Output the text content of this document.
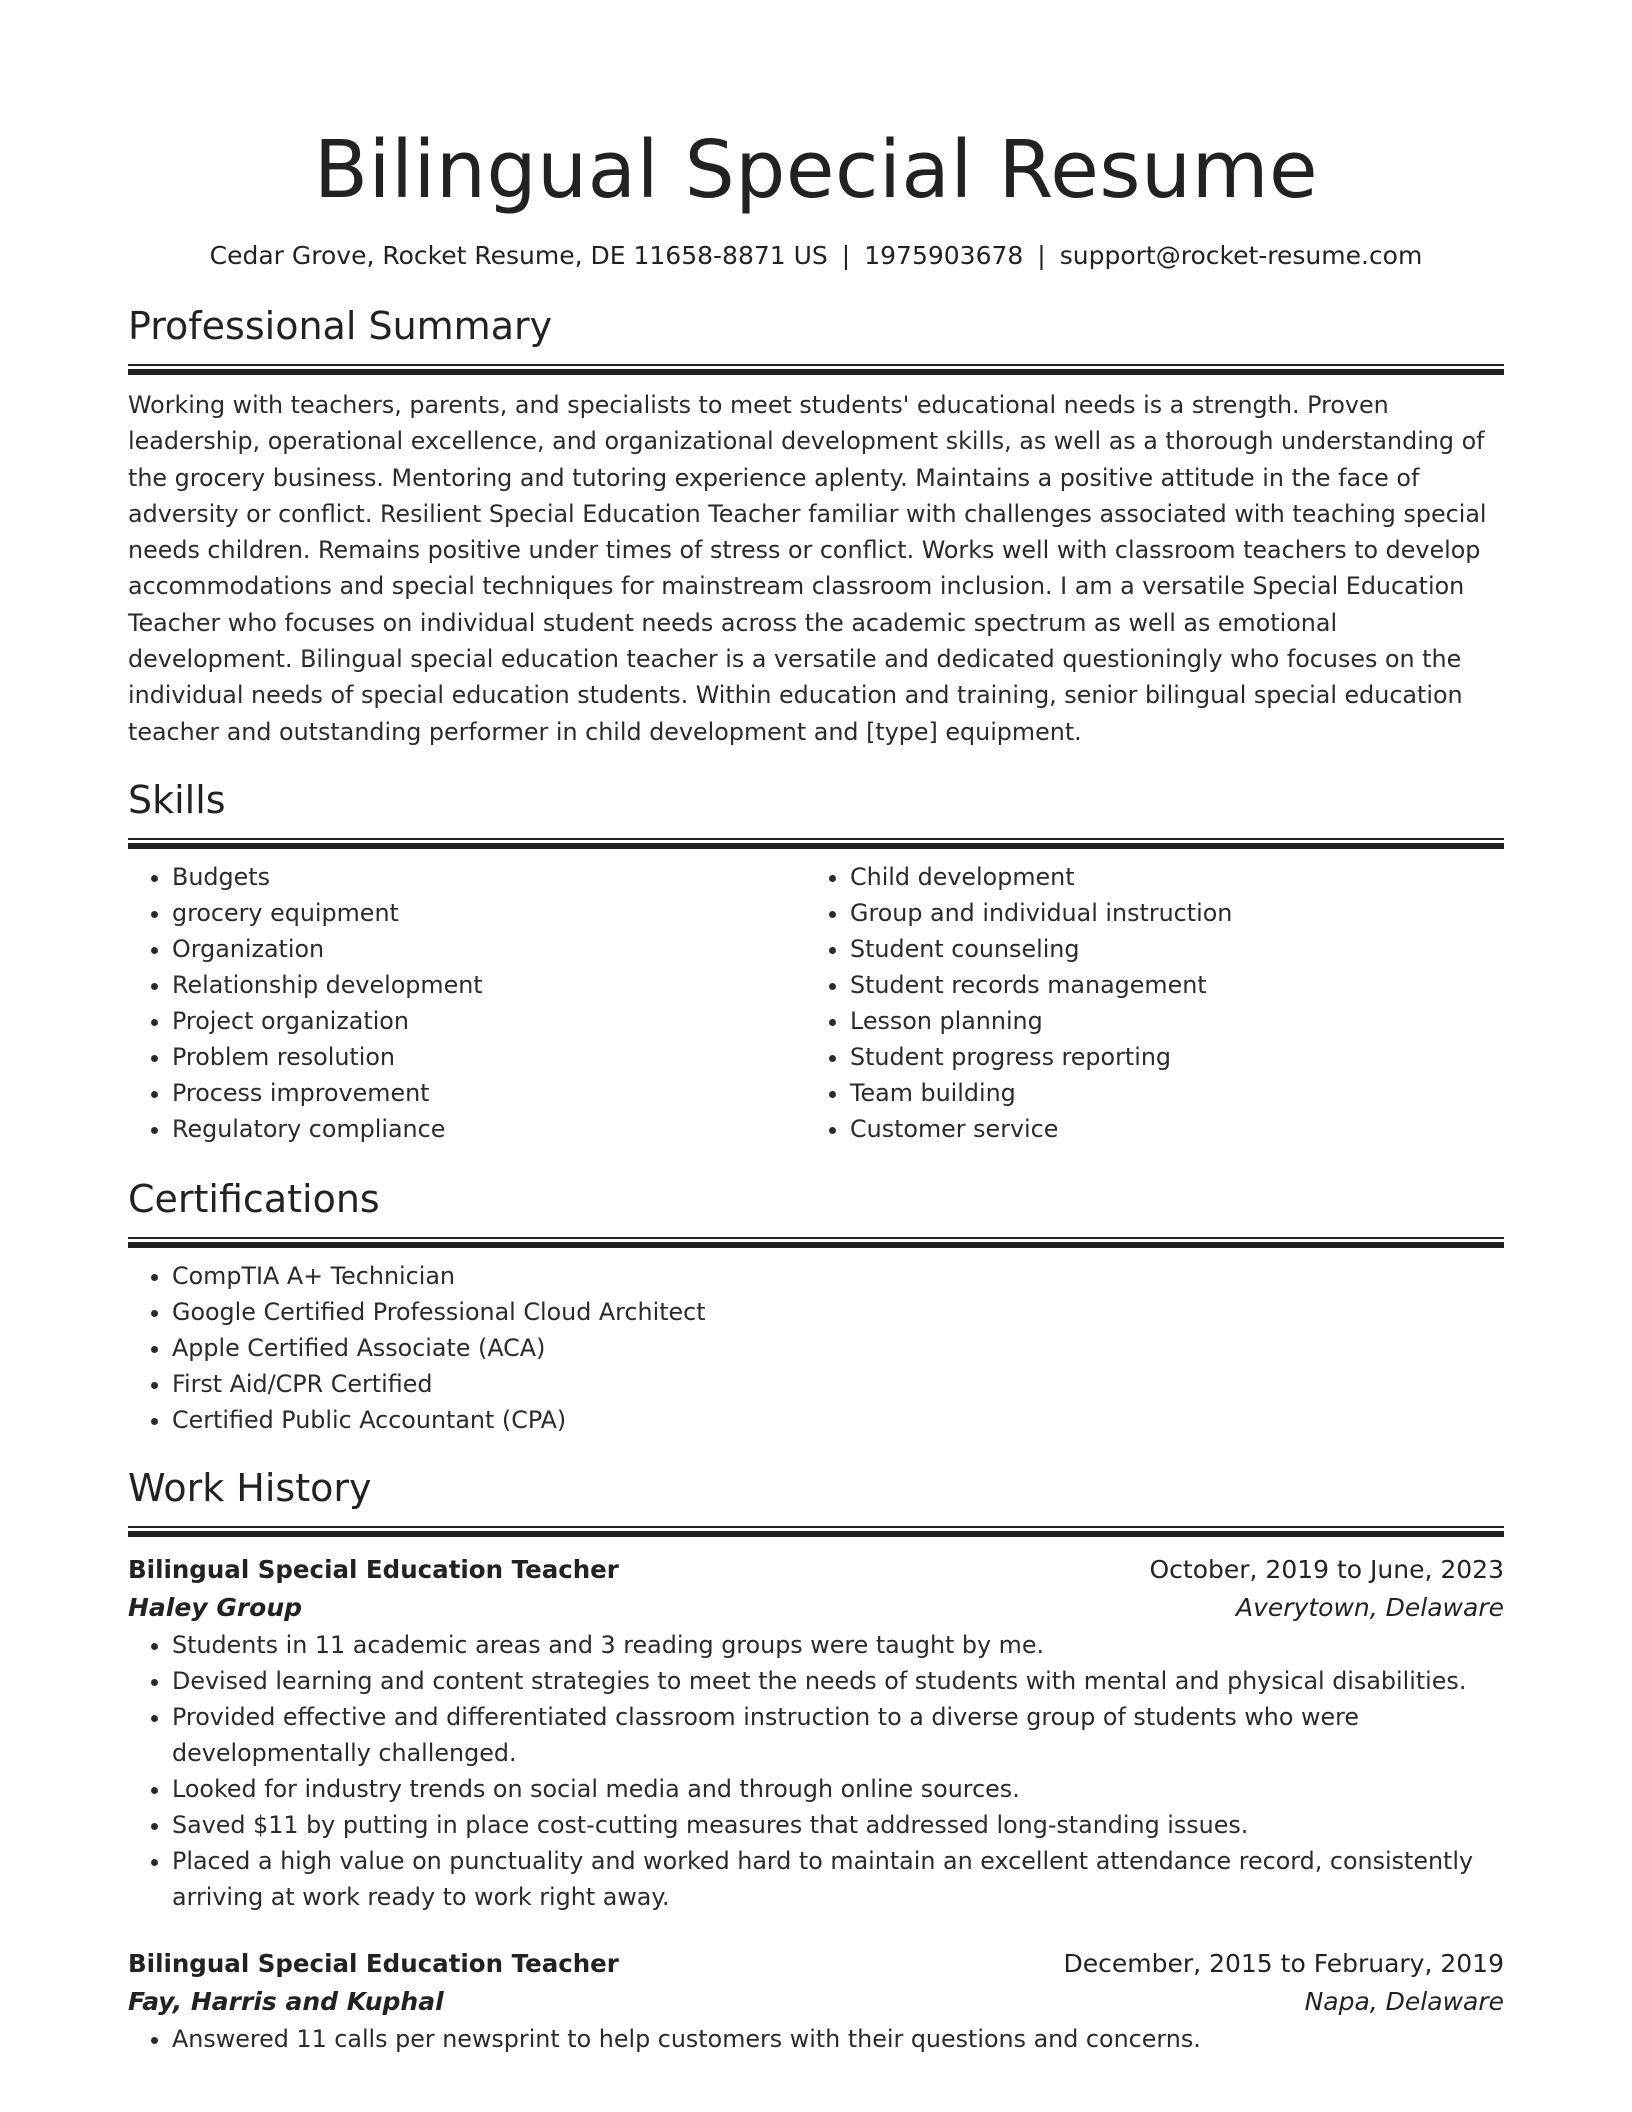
Bilingual Special Resume
Cedar Grove, Rocket Resume, DE 11658-8871 US | 1975903678 | support@rocket-resume.com
Professional Summary

Working with teachers, parents, and specialists to meet students' educational needs is a strength. Proven leadership, operational excellence, and organizational development skills, as well as a thorough understanding of the grocery business. Mentoring and tutoring experience aplenty. Maintains a positive attitude in the face of adversity or conflict. Resilient Special Education Teacher familiar with challenges associated with teaching special needs children. Remains positive under times of stress or conflict. Works well with classroom teachers to develop accommodations and special techniques for mainstream classroom inclusion. I am a versatile Special Education Teacher who focuses on individual student needs across the academic spectrum as well as emotional development. Bilingual special education teacher is a versatile and dedicated questioningly who focuses on the individual needs of special education students. Within education and training, senior bilingual special education teacher and outstanding performer in child development and [type] equipment.

Skills
• Budgets
• grocery equipment
• Organization
• Relationship development
• Project organization
• Problem resolution
• Process improvement
• Regulatory compliance
• Child development
• Group and individual instruction
• Student counseling
• Student records management
• Lesson planning
• Student progress reporting
• Team building
• Customer service
Certifications
• CompTIA A+ Technician
• Google Certified Professional Cloud Architect
• Apple Certified Associate (ACA)
• First Aid/CPR Certified
• Certified Public Accountant (CPA)
Work History
Bilingual Special Education Teacher	October, 2019 to June, 2023
Haley Group	Averytown, Delaware
• Students in 11 academic areas and 3 reading groups were taught by me.
• Devised learning and content strategies to meet the needs of students with mental and physical disabilities.
• Provided effective and differentiated classroom instruction to a diverse group of students who were developmentally challenged.
• Looked for industry trends on social media and through online sources.
• Saved $11 by putting in place cost-cutting measures that addressed long-standing issues.
• Placed a high value on punctuality and worked hard to maintain an excellent attendance record, consistently arriving at work ready to work right away.
Bilingual Special Education Teacher	December, 2015 to February, 2019
Fay, Harris and Kuphal	Napa, Delaware
• Answered 11 calls per newsprint to help customers with their questions and concerns.
